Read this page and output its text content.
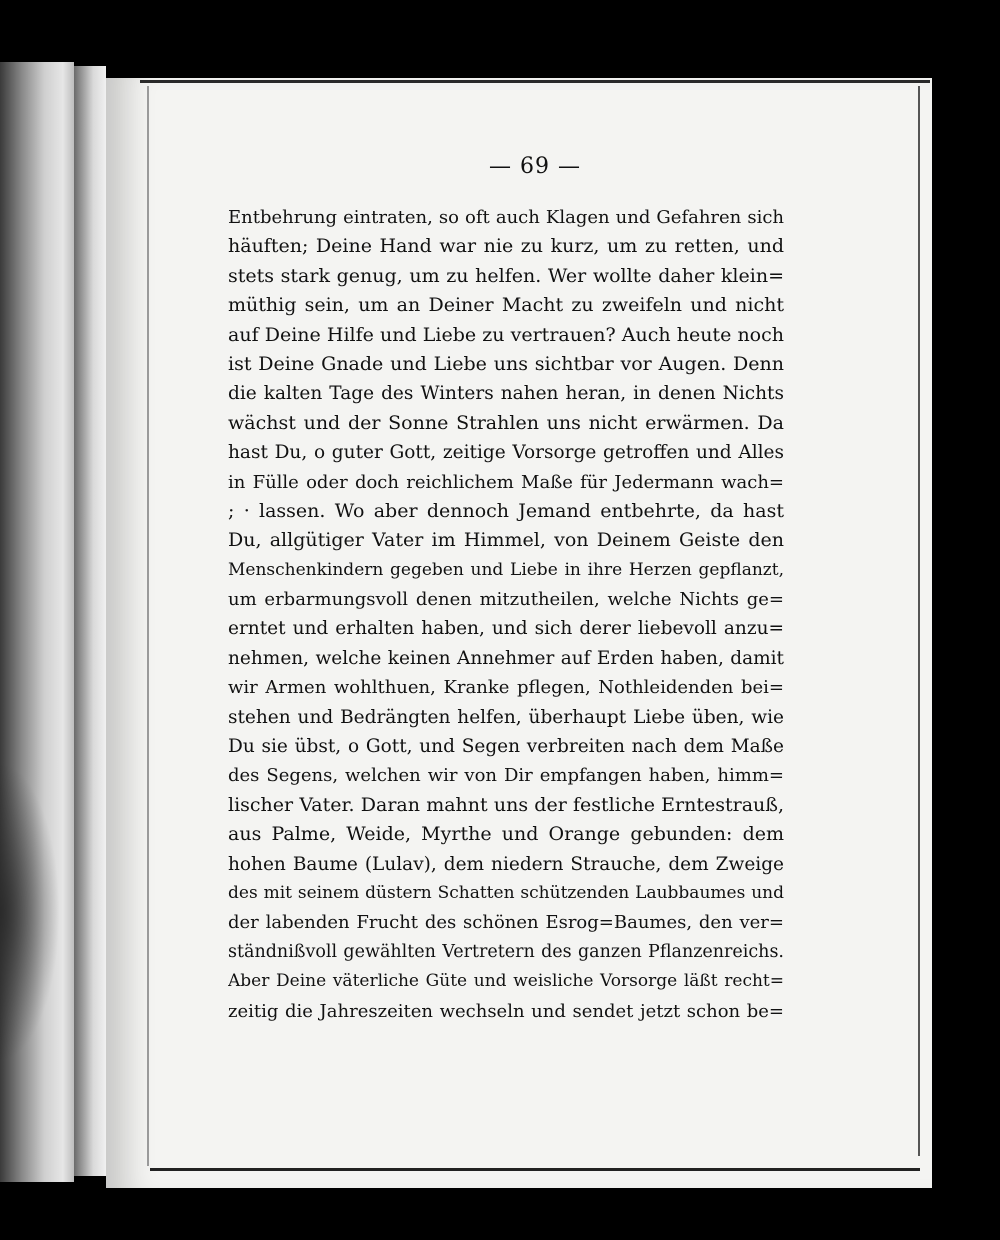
— 69 —
Entbehrung eintraten, so oft auch Klagen und Gefahren sich
häuften; Deine Hand war nie zu kurz, um zu retten, und
stets stark genug, um zu helfen. Wer wollte daher klein=
müthig sein, um an Deiner Macht zu zweifeln und nicht
auf Deine Hilfe und Liebe zu vertrauen? Auch heute noch
ist Deine Gnade und Liebe uns sichtbar vor Augen. Denn
die kalten Tage des Winters nahen heran, in denen Nichts
wächst und der Sonne Strahlen uns nicht erwärmen. Da
hast Du, o guter Gott, zeitige Vorsorge getroffen und Alles
in Fülle oder doch reichlichem Maße für Jedermann wach=
; · lassen. Wo aber dennoch Jemand entbehrte, da hast
Du, allgütiger Vater im Himmel, von Deinem Geiste den
Menschenkindern gegeben und Liebe in ihre Herzen gepflanzt,
um erbarmungsvoll denen mitzutheilen, welche Nichts ge=
erntet und erhalten haben, und sich derer liebevoll anzu=
nehmen, welche keinen Annehmer auf Erden haben, damit
wir Armen wohlthuen, Kranke pflegen, Nothleidenden bei=
stehen und Bedrängten helfen, überhaupt Liebe üben, wie
Du sie übst, o Gott, und Segen verbreiten nach dem Maße
des Segens, welchen wir von Dir empfangen haben, himm=
lischer Vater. Daran mahnt uns der festliche Erntestrauß,
aus Palme, Weide, Myrthe und Orange gebunden: dem
hohen Baume (Lulav), dem niedern Strauche, dem Zweige
des mit seinem düstern Schatten schützenden Laubbaumes und
der labenden Frucht des schönen Esrog=Baumes, den ver=
ständnißvoll gewählten Vertretern des ganzen Pflanzenreichs.
Aber Deine väterliche Güte und weisliche Vorsorge läßt recht=
zeitig die Jahreszeiten wechseln und sendet jetzt schon be=
